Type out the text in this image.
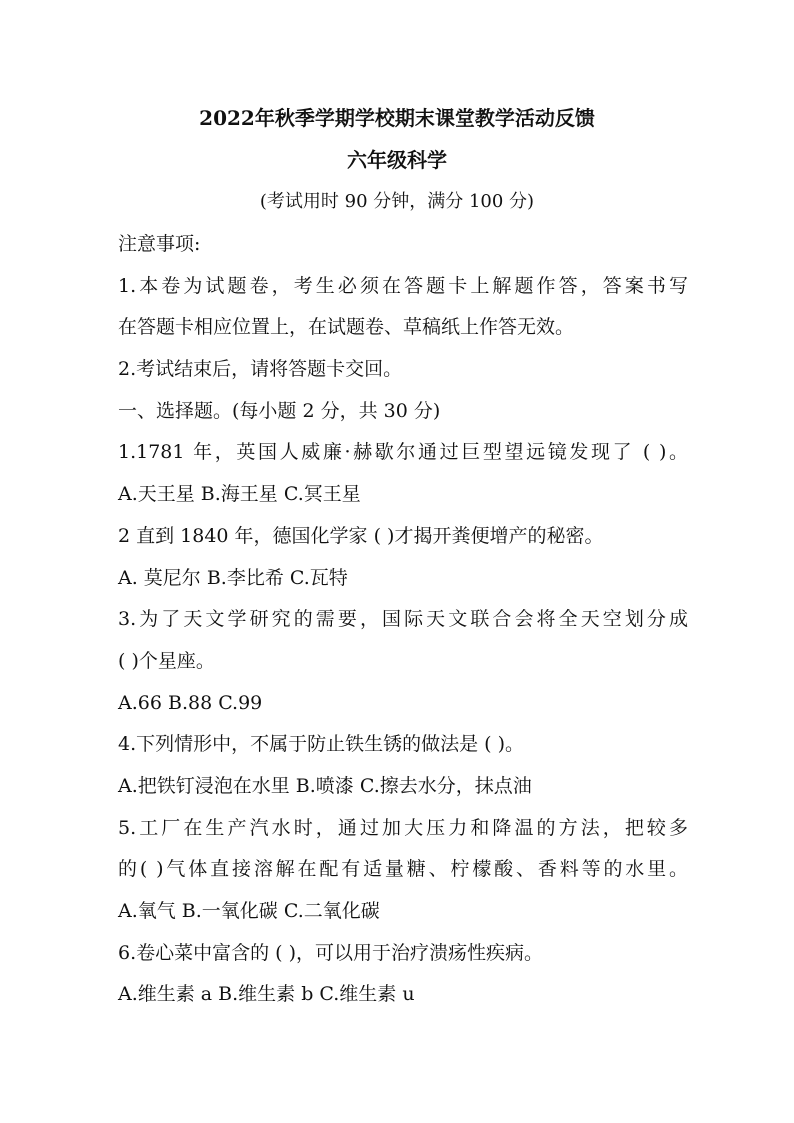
2022年秋季学期学校期末课堂教学活动反馈
六年级科学
(考试用时 90 分钟，满分 100 分)
注意事项:
1.本卷为试题卷，考生必须在答题卡上解题作答，答案书写
在答题卡相应位置上，在试题卷、草稿纸上作答无效。
2.考试结束后，请将答题卡交回。
一、选择题。(每小题 2 分，共 30 分)
1.1781 年，英国人威廉·赫歇尔通过巨型望远镜发现了 ( )。
A.天王星 B.海王星 C.冥王星
2 直到 1840 年，德国化学家 ( )才揭开粪便增产的秘密。
A. 莫尼尔 B.李比希 C.瓦特
3.为了天文学研究的需要，国际天文联合会将全天空划分成
( )个星座。
A.66 B.88 C.99
4.下列情形中，不属于防止铁生锈的做法是 ( )。
A.把铁钉浸泡在水里 B.喷漆 C.擦去水分，抹点油
5.工厂在生产汽水时，通过加大压力和降温的方法，把较多
的( )气体直接溶解在配有适量糖、柠檬酸、香料等的水里。
A.氧气 B.一氧化碳 C.二氧化碳
6.卷心菜中富含的 ( )，可以用于治疗溃疡性疾病。
A.维生素 a B.维生素 b C.维生素 u
